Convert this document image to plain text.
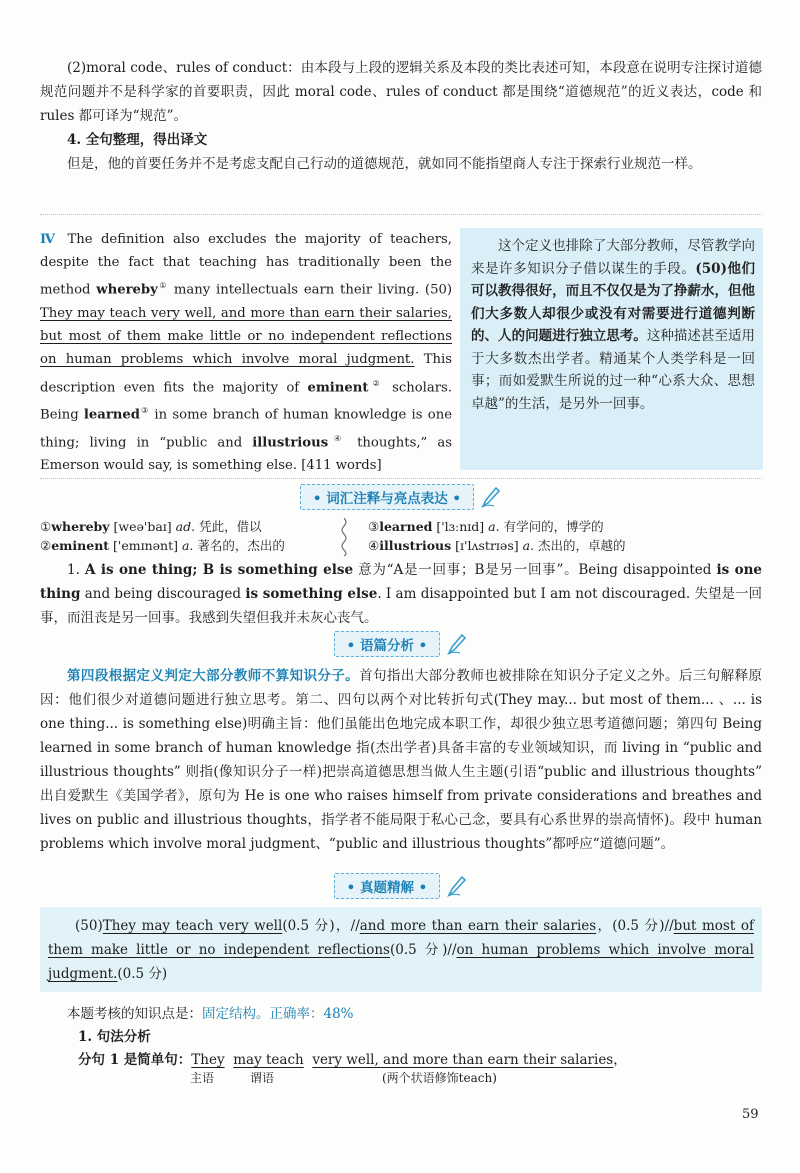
(2)moral code、rules of conduct：由本段与上段的逻辑关系及本段的类比表述可知，本段意在说明专注探讨道德规范问题并不是科学家的首要职责，因此 moral code、rules of conduct 都是围绕“道德规范”的近义表达，code 和 rules 都可译为“规范”。

4. 全句整理，得出译文

但是，他的首要任务并不是考虑支配自己行动的道德规范，就如同不能指望商人专注于探索行业规范一样。

Ⅳ The definition also excludes the majority of teachers, despite the fact that teaching has traditionally been the method whereby① many intellectuals earn their living. (50) They may teach very well, and more than earn their salaries, but most of them make little or no independent reflections on human problems which involve moral judgment. This description even fits the majority of eminent② scholars. Being learned③ in some branch of human knowledge is one thing; living in “public and illustrious④ thoughts,” as Emerson would say, is something else. [411 words]

这个定义也排除了大部分教师，尽管教学向来是许多知识分子借以谋生的手段。(50)他们可以教得很好，而且不仅仅是为了挣薪水，但他们大多数人却很少或没有对需要进行道德判断的、人的问题进行独立思考。这种描述甚至适用于大多数杰出学者。精通某个人类学科是一回事；而如爱默生所说的过一种“心系大众、思想卓越”的生活，是另外一回事。

• 词汇注释与亮点表达 •

①whereby [weə'baɪ] ad. 凭此，借以

②eminent ['emɪnənt] a. 著名的，杰出的

③learned ['lɜːnɪd] a. 有学问的，博学的

④illustrious [ɪ'lʌstrɪəs] a. 杰出的，卓越的

1. A is one thing; B is something else 意为“A是一回事；B是另一回事”。Being disappointed is one thing and being discouraged is something else. I am disappointed but I am not discouraged. 失望是一回事，而沮丧是另一回事。我感到失望但我并未灰心丧气。

• 语篇分析 •

第四段根据定义判定大部分教师不算知识分子。首句指出大部分教师也被排除在知识分子定义之外。后三句解释原因：他们很少对道德问题进行独立思考。第二、四句以两个对比转折句式(They may... but most of them... 、... is one thing... is something else)明确主旨：他们虽能出色地完成本职工作，却很少独立思考道德问题；第四句 Being learned in some branch of human knowledge 指(杰出学者)具备丰富的专业领域知识，而 living in “public and illustrious thoughts” 则指(像知识分子一样)把崇高道德思想当做人生主题(引语“public and illustrious thoughts” 出自爱默生《美国学者》，原句为 He is one who raises himself from private considerations and breathes and lives on public and illustrious thoughts，指学者不能局限于私心己念，要具有心系世界的崇高情怀)。段中 human problems which involve moral judgment、“public and illustrious thoughts”都呼应“道德问题”。

• 真题精解 •

(50)They may teach very well(0.5 分)，//and more than earn their salaries，(0.5 分)//but most of them make little or no independent reflections(0.5 分)//on human problems which involve moral judgment.(0.5 分)

本题考核的知识点是：固定结构。正确率：48%

1. 句法分析

分句 1 是简单句：They may teach very well, and more than earn their salaries，
主语	谓语	(两个状语修饰teach)
59
